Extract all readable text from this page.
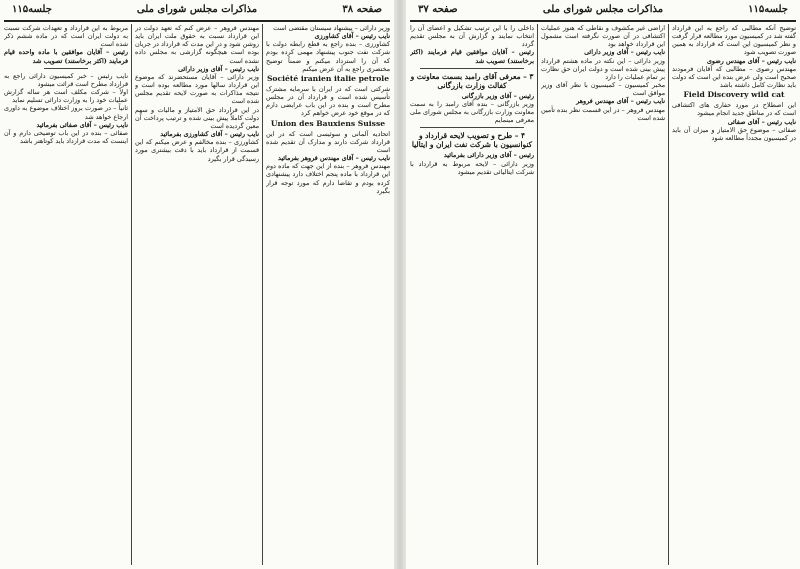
جلسه۱۱۵	مذاکرات مجلس شورای ملی	صفحه ۳۸

وزیر دارائی – پیشنهاد سیستان مقتضی است

نایب رئیس – آقای کشاورزی

کشاورزی – بنده راجع به قطع رابطه دولت با شرکت نفت جنوب پیشنهاد مهمی کرده بودم که آن را استرداد میکنم و ضمناً توضیح مختصری راجع به آن عرض میکنم

Société iranien italie petrole

شرکتی است که در ایران با سرمایه مشترک تأسیس شده است و قرارداد آن در مجلس مطرح است و بنده در این باب عرایضی دارم که در موقع خود عرض خواهم کرد

Union des Bauxiens Suisse

اتحادیه آلمانی و سوئیسی است که در این قرارداد شرکت دارند و مدارک آن تقدیم شده است

نایب رئیس – آقای مهندس فروهر بفرمائید

مهندس فروهر – بنده از این جهت که ماده دوم این قرارداد با ماده پنجم اختلاف دارد پیشنهادی کرده بودم و تقاضا دارم که مورد توجه قرار بگیرد

مهندس فروهر – عرض کنم که تعهد دولت در این قرارداد نسبت به حقوق ملت ایران باید روشن شود و در این مدت که قرارداد در جریان بوده است هیچگونه گزارشی به مجلس داده نشده است

نایب رئیس – آقای وزیر دارائی

وزیر دارائی – آقایان مستحضرند که موضوع این قرارداد سالها مورد مطالعه بوده است و نتیجه مذاکرات به صورت لایحه تقدیم مجلس شده است

در این قرارداد حق الامتیاز و مالیات و سهم دولت کاملاً پیش بینی شده و ترتیب پرداخت آن معین گردیده است

نایب رئیس – آقای کشاورزی بفرمائید

کشاورزی – بنده مخالفم و عرض میکنم که این قسمت از قرارداد باید با دقت بیشتری مورد رسیدگی قرار بگیرد

مربوط به این قرارداد و تعهدات شرکت نسبت به دولت ایران است که در ماده ششم ذکر شده است

رئیس – آقایان موافقین با ماده واحده قیام فرمایند (اکثر برخاستند) تصویب شد

نایب رئیس – خبر کمیسیون دارائی راجع به قرارداد مطرح است قرائت میشود

اولاً – شرکت مکلف است هر ساله گزارش عملیات خود را به وزارت دارائی تسلیم نماید

ثانیاً – در صورت بروز اختلاف موضوع به داوری ارجاع خواهد شد

نایب رئیس – آقای صفائی بفرمائید

صفائی – بنده در این باب توضیحی دارم و آن اینست که مدت قرارداد باید کوتاهتر باشد

صفحه ۳۷	مذاکرات مجلس شورای ملی	جلسه۱۱۵

توضیح آنکه مطالبی که راجع به این قرارداد گفته شد در کمیسیون مورد مطالعه قرار گرفت و نظر کمیسیون این است که قرارداد به همین صورت تصویب شود

نایب رئیس – آقای مهندس رضوی

مهندس رضوی – مطالبی که آقایان فرمودند صحیح است ولی عرض بنده این است که دولت باید نظارت کامل داشته باشد

Field Discovery wild cat

این اصطلاح در مورد حفاری های اکتشافی است که در مناطق جدید انجام میشود

نایب رئیس – آقای صفائی

صفائی – موضوع حق الامتیاز و میزان آن باید در کمیسیون مجدداً مطالعه شود

اراضی غیر مکشوف و نقاطی که هنوز عملیات اکتشافی در آن صورت نگرفته است مشمول این قرارداد خواهد بود

نایب رئیس – آقای وزیر دارائی

وزیر دارائی – این نکته در ماده هشتم قرارداد پیش بینی شده است و دولت ایران حق نظارت بر تمام عملیات را دارد

مخبر کمیسیون – کمیسیون با نظر آقای وزیر موافق است

نایب رئیس – آقای مهندس فروهر

مهندس فروهر – در این قسمت نظر بنده تأمین شده است

داخلی را با این ترتیب تشکیل و اعضای آن را انتخاب نمایند و گزارش آن به مجلس تقدیم گردد

رئیس – آقایان موافقین قیام فرمایند (اکثر برخاستند) تصویب شد

۳ – معرفی آقای رامبد بسمت معاونت و کفالت وزارت بازرگانی

رئیس – آقای وزیر بازرگانی

وزیر بازرگانی – بنده آقای رامبد را به سمت معاونت وزارت بازرگانی به مجلس شورای ملی معرفی مینمایم

۴ – طرح و تصویب لایحه قرارداد و کنوانسیون با شرکت نفت ایران و ایتالیا

رئیس – آقای وزیر دارائی بفرمائید

وزیر دارائی – لایحه مربوط به قرارداد با شرکت ایتالیائی تقدیم میشود
